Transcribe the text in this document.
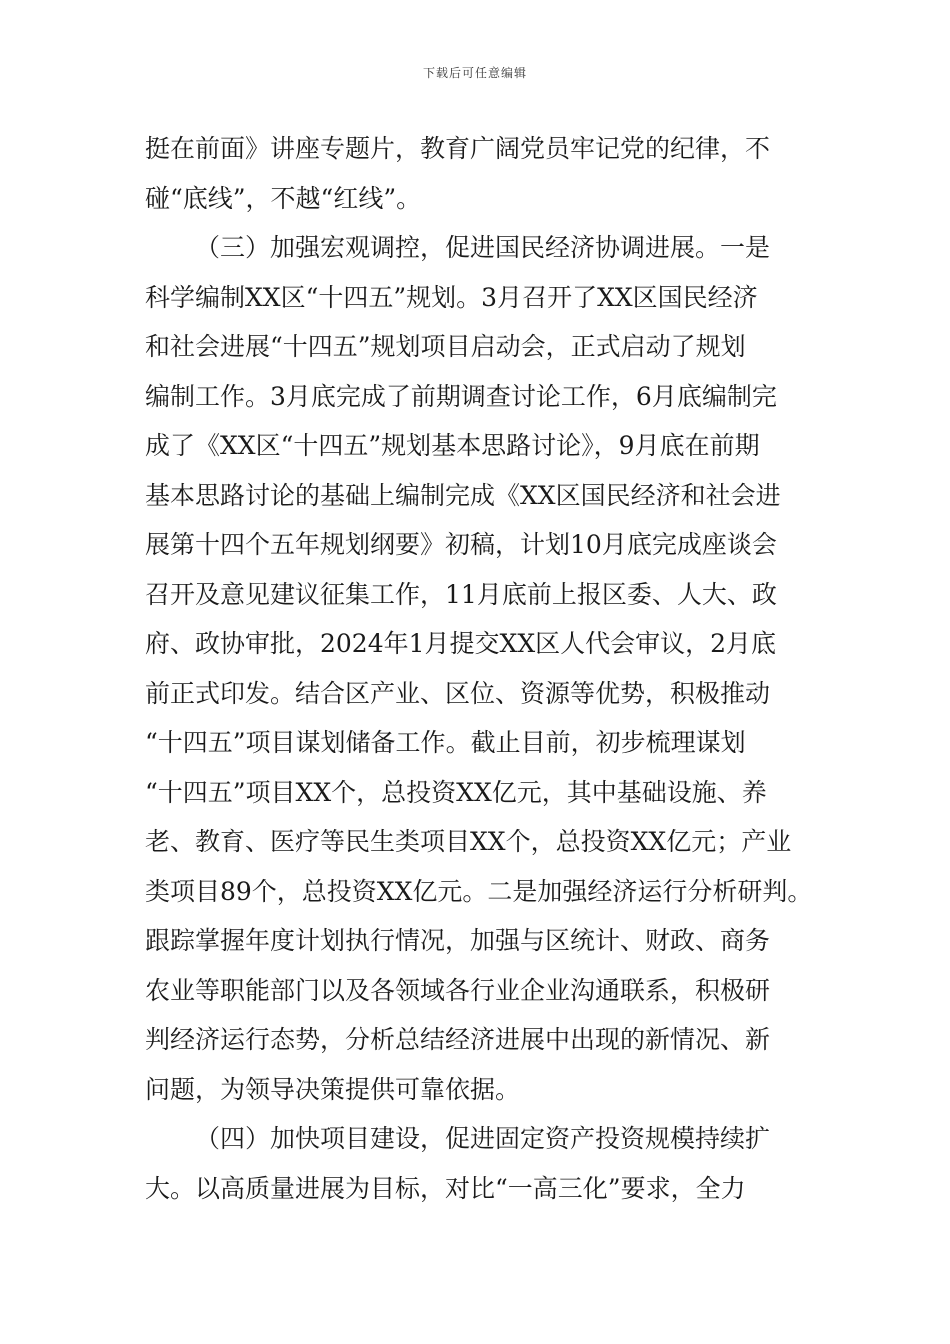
下载后可任意编辑
挺在前面》讲座专题片，教育广阔党员牢记党的纪律，不
碰“底线”，不越“红线”。
（三）加强宏观调控，促进国民经济协调进展。一是
科学编制XX区“十四五”规划。3月召开了XX区国民经济
和社会进展“十四五”规划项目启动会，正式启动了规划
编制工作。3月底完成了前期调查讨论工作，6月底编制完
成了《XX区“十四五”规划基本思路讨论》，9月底在前期
基本思路讨论的基础上编制完成《XX区国民经济和社会进
展第十四个五年规划纲要》初稿，计划10月底完成座谈会
召开及意见建议征集工作，11月底前上报区委、人大、政
府、政协审批，2024年1月提交XX区人代会审议，2月底
前正式印发。结合区产业、区位、资源等优势，积极推动
“十四五”项目谋划储备工作。截止目前，初步梳理谋划
“十四五”项目XX个，总投资XX亿元，其中基础设施、养
老、教育、医疗等民生类项目XX个，总投资XX亿元；产业
类项目89个，总投资XX亿元。二是加强经济运行分析研判。
跟踪掌握年度计划执行情况，加强与区统计、财政、商务
农业等职能部门以及各领域各行业企业沟通联系，积极研
判经济运行态势，分析总结经济进展中出现的新情况、新
问题，为领导决策提供可靠依据。
（四）加快项目建设，促进固定资产投资规模持续扩
大。以高质量进展为目标，对比“一高三化”要求，全力
